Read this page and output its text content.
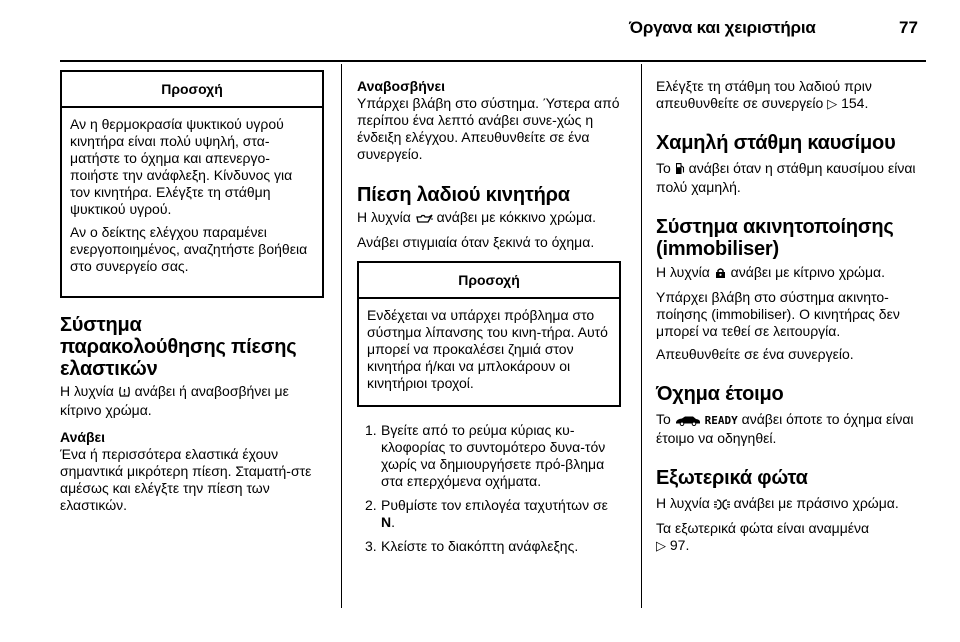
Όργανα και χειριστήρια	77
Προσοχή

Αν η θερμοκρασία ψυκτικού υγρού κινητήρα είναι πολύ υψηλή, στα-ματήστε το όχημα και απενεργο-ποιήστε την ανάφλεξη. Κίνδυνος για τον κινητήρα. Ελέγξτε τη στάθμη ψυκτικού υγρού.

Αν ο δείκτης ελέγχου παραμένει ενεργοποιημένος, αναζητήστε βοήθεια στο συνεργείο σας.

Σύστημα
παρακολούθησης πίεσης
ελαστικών

Η λυχνία ανάβει ή αναβοσβήνει με κίτρινο χρώμα.

Ανάβει

Ένα ή περισσότερα ελαστικά έχουν σημαντικά μικρότερη πίεση. Σταματή-στε αμέσως και ελέγξτε την πίεση των ελαστικών.

Αναβοσβήνει

Υπάρχει βλάβη στο σύστημα. Ύστερα από περίπου ένα λεπτό ανάβει συνε-χώς η ένδειξη ελέγχου. Απευθυνθείτε σε ένα συνεργείο.

Πίεση λαδιού κινητήρα

Η λυχνία ανάβει με κόκκινο χρώμα.

Ανάβει στιγμιαία όταν ξεκινά το όχημα.

Προσοχή

Ενδέχεται να υπάρχει πρόβλημα στο σύστημα λίπανσης του κινη-τήρα. Αυτό μπορεί να προκαλέσει ζημιά στον κινητήρα ή/και να μπλοκάρουν οι κινητήριοι τροχοί.

1. Βγείτε από το ρεύμα κύριας κυ-κλοφορίας το συντομότερο δυνα-τόν χωρίς να δημιουργήσετε πρό-βλημα στα επερχόμενα οχήματα.
2. Ρυθμίστε τον επιλογέα ταχυτήτων σε N.
3. Κλείστε το διακόπτη ανάφλεξης.

Ελέγξτε τη στάθμη του λαδιού πριν απευθυνθείτε σε συνεργείο ▷ 154.

Χαμηλή στάθμη καυσίμου

Το ανάβει όταν η στάθμη καυσίμου είναι πολύ χαμηλή.

Σύστημα ακινητοποίησης
(immobiliser)

Η λυχνία ανάβει με κίτρινο χρώμα.

Υπάρχει βλάβη στο σύστημα ακινητο-ποίησης (immobiliser). Ο κινητήρας δεν μπορεί να τεθεί σε λειτουργία.

Απευθυνθείτε σε ένα συνεργείο.

Όχημα έτοιμο

Το	READY ανάβει όποτε το όχημα είναι έτοιμο να οδηγηθεί.

Εξωτερικά φώτα

Η λυχνία ανάβει με πράσινο χρώμα.

Τα εξωτερικά φώτα είναι αναμμένα
▷ 97.
